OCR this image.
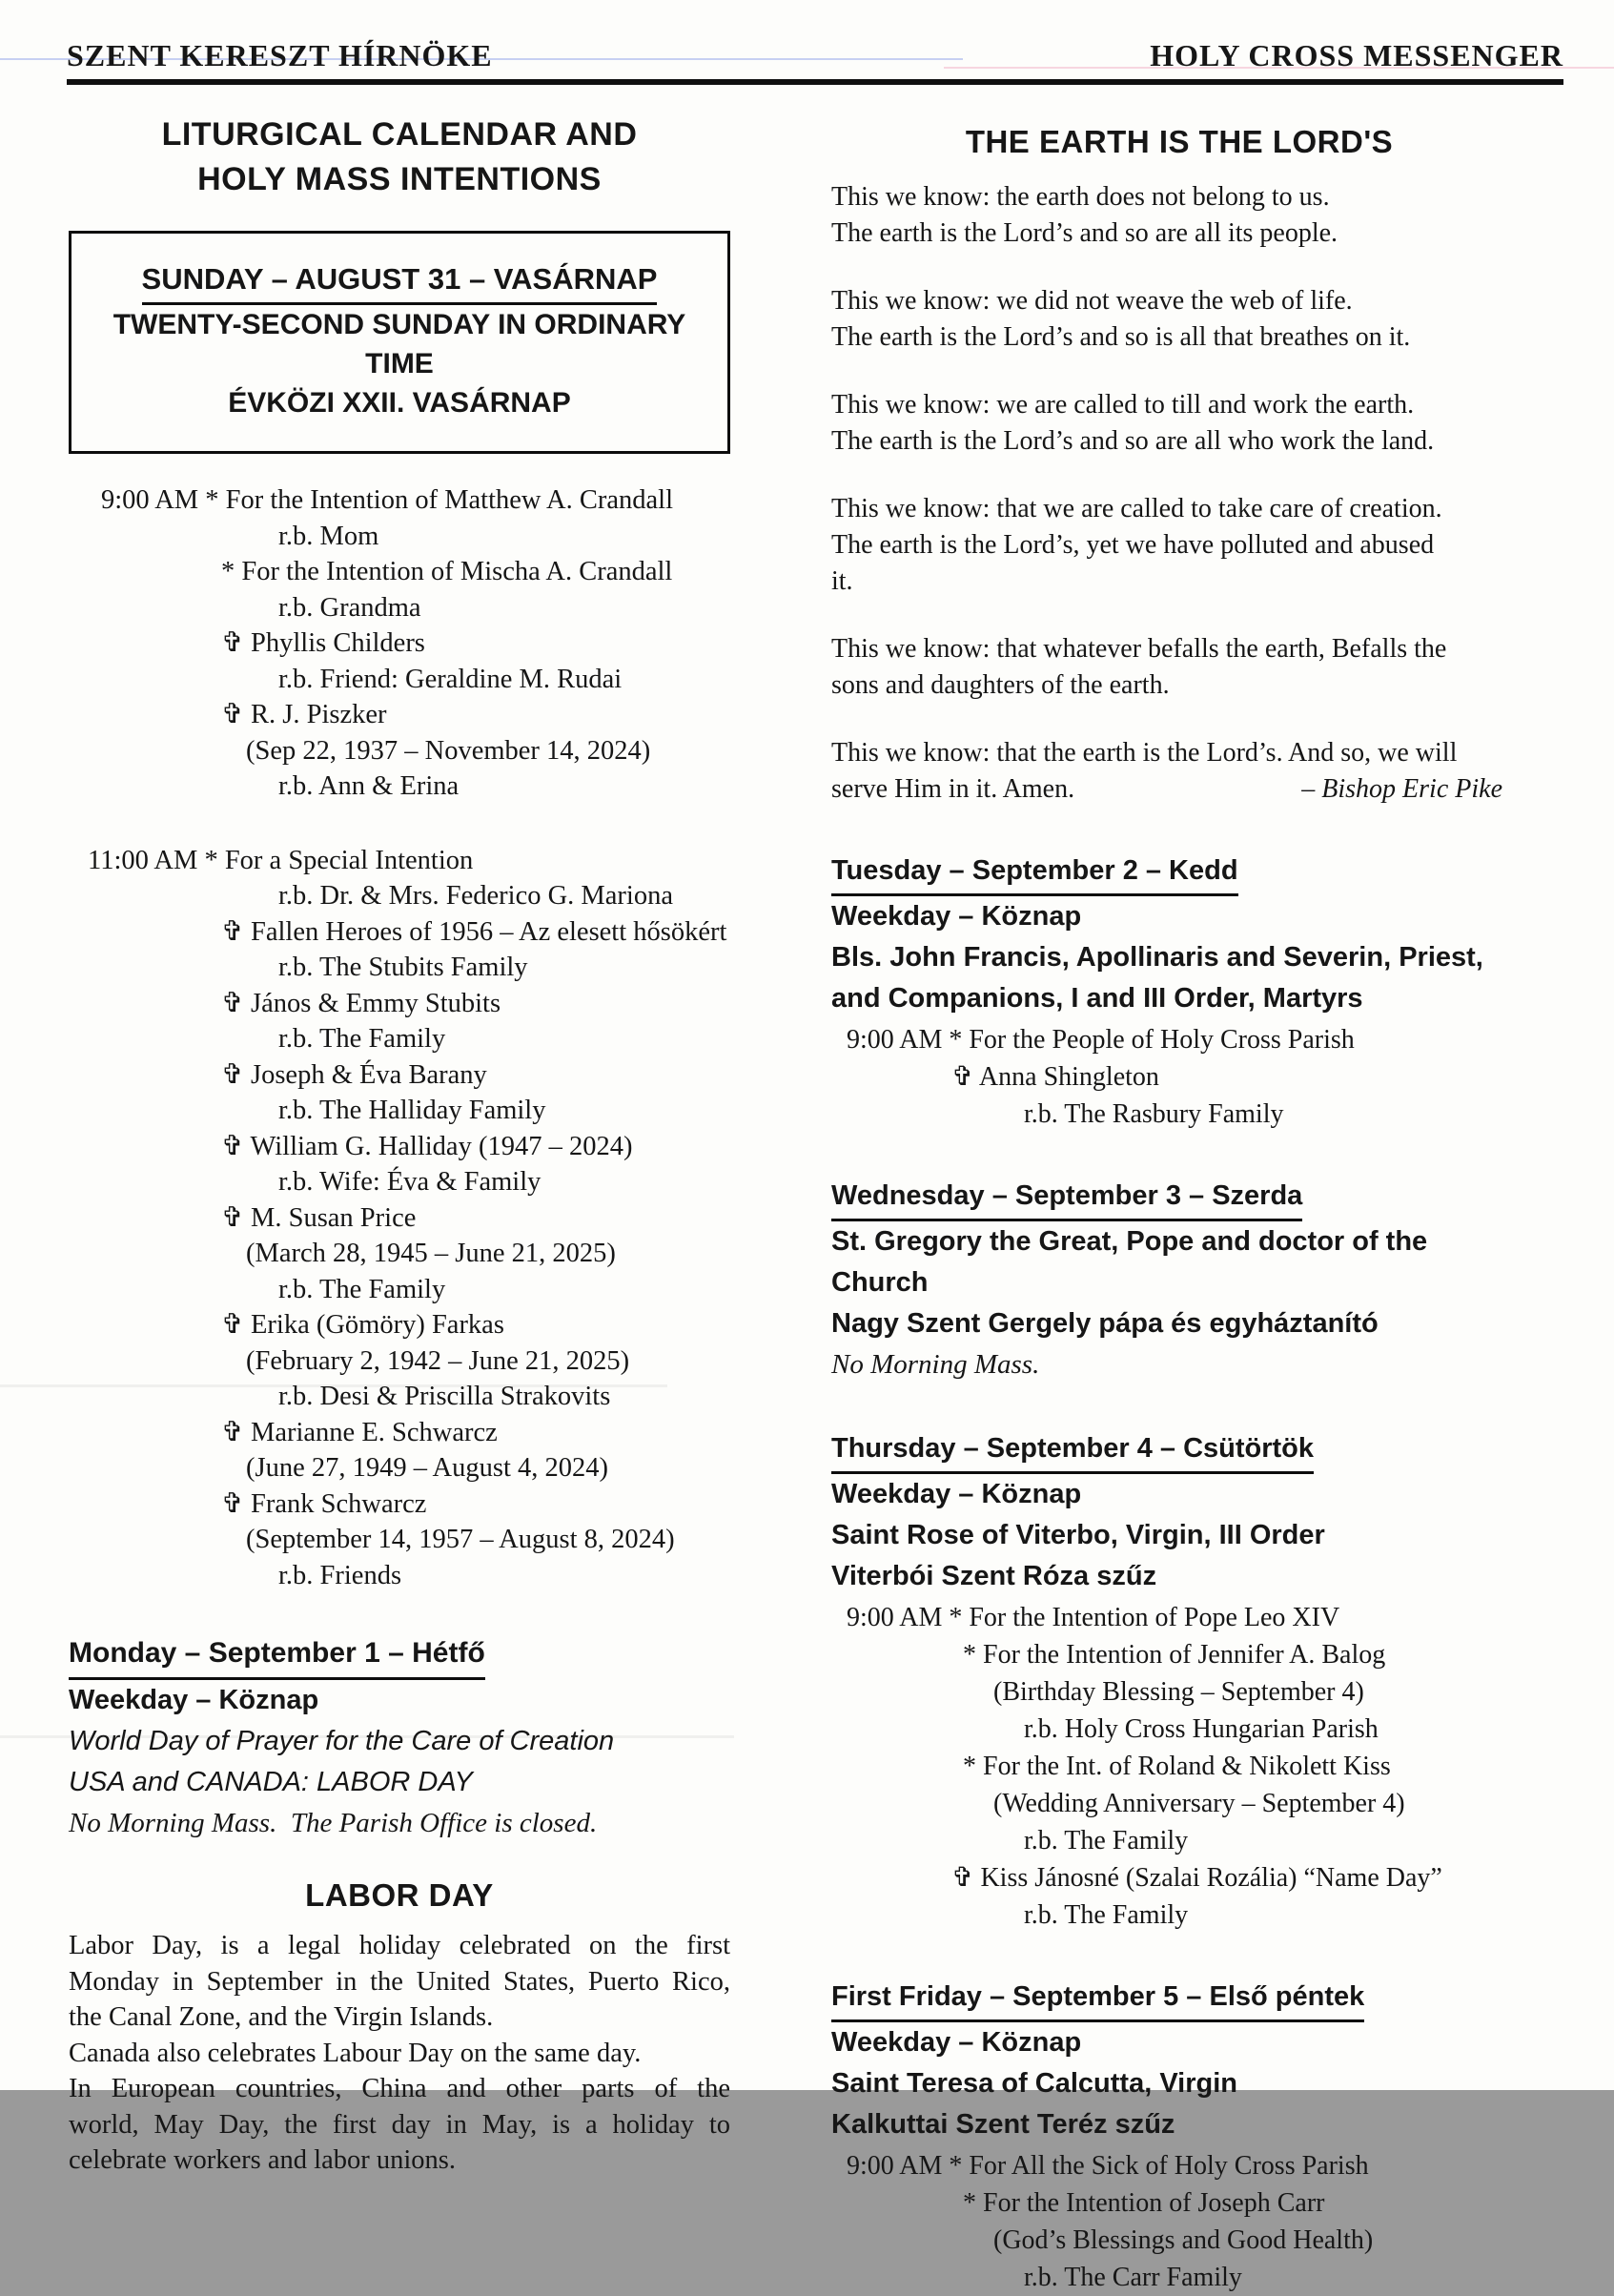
SZENT KERESZT HÍRNÖKE	HOLY CROSS MESSENGER
LITURGICAL CALENDAR AND
HOLY MASS INTENTIONS
SUNDAY – AUGUST 31 – VASÁRNAP
TWENTY-SECOND SUNDAY IN ORDINARY TIME
ÉVKÖZI XXII. VASÁRNAP
9:00 AM * For the Intention of Matthew A. Crandall
r.b. Mom
* For the Intention of Mischa A. Crandall
r.b. Grandma
✞ Phyllis Childers
r.b. Friend: Geraldine M. Rudai
✞ R. J. Piszker
(Sep 22, 1937 – November 14, 2024)
r.b. Ann & Erina
11:00 AM * For a Special Intention
r.b. Dr. & Mrs. Federico G. Mariona
✞ Fallen Heroes of 1956 – Az elesett hősökért
r.b. The Stubits Family
✞ János & Emmy Stubits
r.b. The Family
✞ Joseph & Éva Barany
r.b. The Halliday Family
✞ William G. Halliday (1947 – 2024)
r.b. Wife: Éva & Family
✞ M. Susan Price
(March 28, 1945 – June 21, 2025)
r.b. The Family
✞ Erika (Gömöry) Farkas
(February 2, 1942 – June 21, 2025)
r.b. Desi & Priscilla Strakovits
✞ Marianne E. Schwarcz
(June 27, 1949 – August 4, 2024)
✞ Frank Schwarcz
(September 14, 1957 – August 8, 2024)
r.b. Friends
Monday – September 1 – Hétfő
Weekday – Köznap
World Day of Prayer for the Care of Creation
USA and CANADA: LABOR DAY
No Morning Mass.  The Parish Office is closed.
LABOR DAY
Labor Day, is a legal holiday celebrated on the first
Monday in September in the United States, Puerto Rico,
the Canal Zone, and the Virgin Islands.
Canada also celebrates Labour Day on the same day.
In European countries, China and other parts of the
world, May Day, the first day in May, is a holiday to
celebrate workers and labor unions.
THE EARTH IS THE LORD'S
This we know: the earth does not belong to us.
The earth is the Lord’s and so are all its people.
This we know: we did not weave the web of life.
The earth is the Lord’s and so is all that breathes on it.
This we know: we are called to till and work the earth.
The earth is the Lord’s and so are all who work the land.
This we know: that we are called to take care of creation.
The earth is the Lord’s, yet we have polluted and abused
it.
This we know: that whatever befalls the earth, Befalls the
sons and daughters of the earth.
This we know: that the earth is the Lord’s. And so, we will
serve Him in it. Amen.	– Bishop Eric Pike
Tuesday – September 2 – Kedd
Weekday – Köznap
Bls. John Francis, Apollinaris and Severin, Priest,
and Companions, I and III Order, Martyrs
9:00 AM * For the People of Holy Cross Parish
✞ Anna Shingleton
r.b. The Rasbury Family
Wednesday – September 3 – Szerda
St. Gregory the Great, Pope and doctor of the Church
Nagy Szent Gergely pápa és egyháztanító
No Morning Mass.
Thursday – September 4 – Csütörtök
Weekday – Köznap
Saint Rose of Viterbo, Virgin, III Order
Viterbói Szent Róza szűz
9:00 AM * For the Intention of Pope Leo XIV
* For the Intention of Jennifer A. Balog
(Birthday Blessing – September 4)
r.b. Holy Cross Hungarian Parish
* For the Int. of Roland & Nikolett Kiss
(Wedding Anniversary – September 4)
r.b. The Family
✞ Kiss Jánosné (Szalai Rozália) “Name Day”
r.b. The Family
First Friday – September 5 – Első péntek
Weekday – Köznap
Saint Teresa of Calcutta, Virgin
Kalkuttai Szent Teréz szűz
9:00 AM * For All the Sick of Holy Cross Parish
* For the Intention of Joseph Carr
(God’s Blessings and Good Health)
r.b. The Carr Family
